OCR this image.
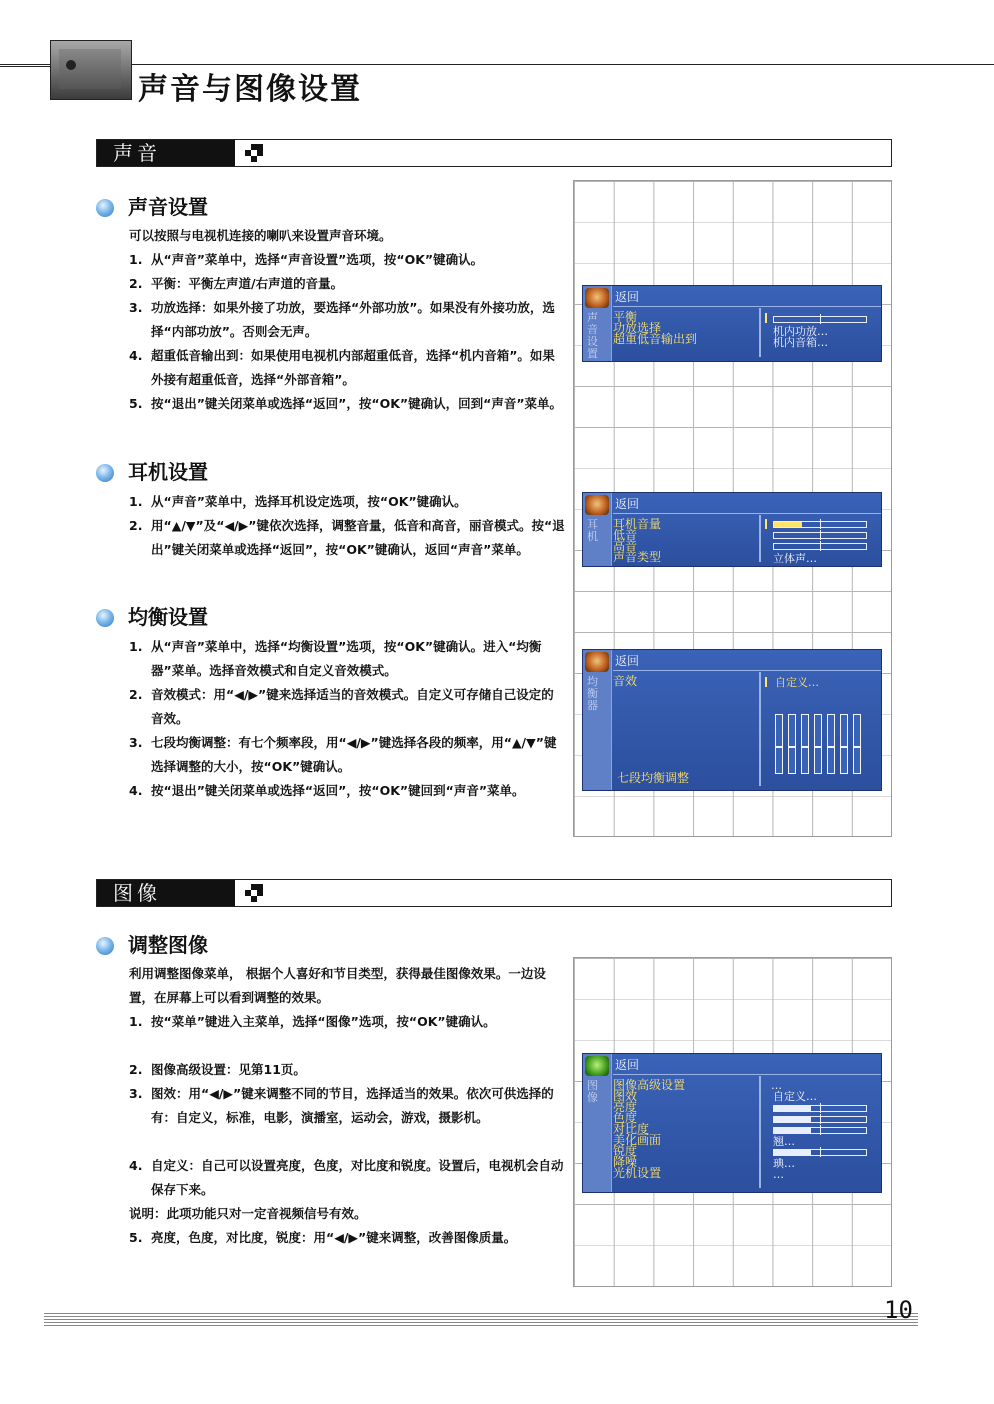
声音与图像设置
声音
声音设置
可以按照与电视机连接的喇叭来设置声音环境。
1. 从“声音”菜单中，选择“声音设置”选项，按“OK”键确认。
2. 平衡：平衡左声道/右声道的音量。
3. 功放选择：如果外接了功放，要选择“外部功放”。如果没有外接功放，选择“内部功放”。否则会无声。
4. 超重低音输出到：如果使用电视机内部超重低音，选择“机内音箱”。如果外接有超重低音，选择“外部音箱”。
5. 按“退出”键关闭菜单或选择“返回”，按“OK”键确认，回到“声音”菜单。
耳机设置
1. 从“声音”菜单中，选择耳机设定选项，按“OK”键确认。
2. 用“▲/▼”及“◀/▶”键依次选择，调整音量，低音和高音，丽音模式。按“退出”键关闭菜单或选择“返回”，按“OK”键确认，返回“声音”菜单。
均衡设置
1. 从“声音”菜单中，选择“均衡设置”选项，按“OK”键确认。进入“均衡器”菜单。选择音效模式和自定义音效模式。
2. 音效模式：用“◀/▶”键来选择适当的音效模式。自定义可存储自己设定的音效。
3. 七段均衡调整：有七个频率段，用“◀/▶”键选择各段的频率，用“▲/▼”键选择调整的大小，按“OK”键确认。
4. 按“退出”键关闭菜单或选择“返回”，按“OK”键回到“声音”菜单。
声音设置
返回
平衡
功放选择
超重低音输出到
机内功放…
机内音箱…
耳机
返回
耳机音量
低音
高音
声音类型	立体声…
均衡器
返回
音效	自定义…
七段均衡调整
图像
调整图像
利用调整图像菜单， 根据个人喜好和节目类型，获得最佳图像效果。一边设置，在屏幕上可以看到调整的效果。
1. 按“菜单”键进入主菜单，选择“图像”选项，按“OK”键确认。
2. 图像高级设置：见第11页。
3. 图效：用“◀/▶”键来调整不同的节目，选择适当的效果。依次可供选择的有：自定义，标准，电影，演播室，运动会，游戏，摄影机。
4. 自定义：自己可以设置亮度，色度，对比度和锐度。设置后，电视机会自动保存下来。
说明：此项功能只对一定音视频信号有效。
5. 亮度，色度，对比度，锐度：用“◀/▶”键来调整，改善图像质量。
图像
返回
图像高级设置
图效
亮度
色度
对比度
美化画面
锐度
降噪
光机设置
…
自定义…
翘…
琠…
…
10
